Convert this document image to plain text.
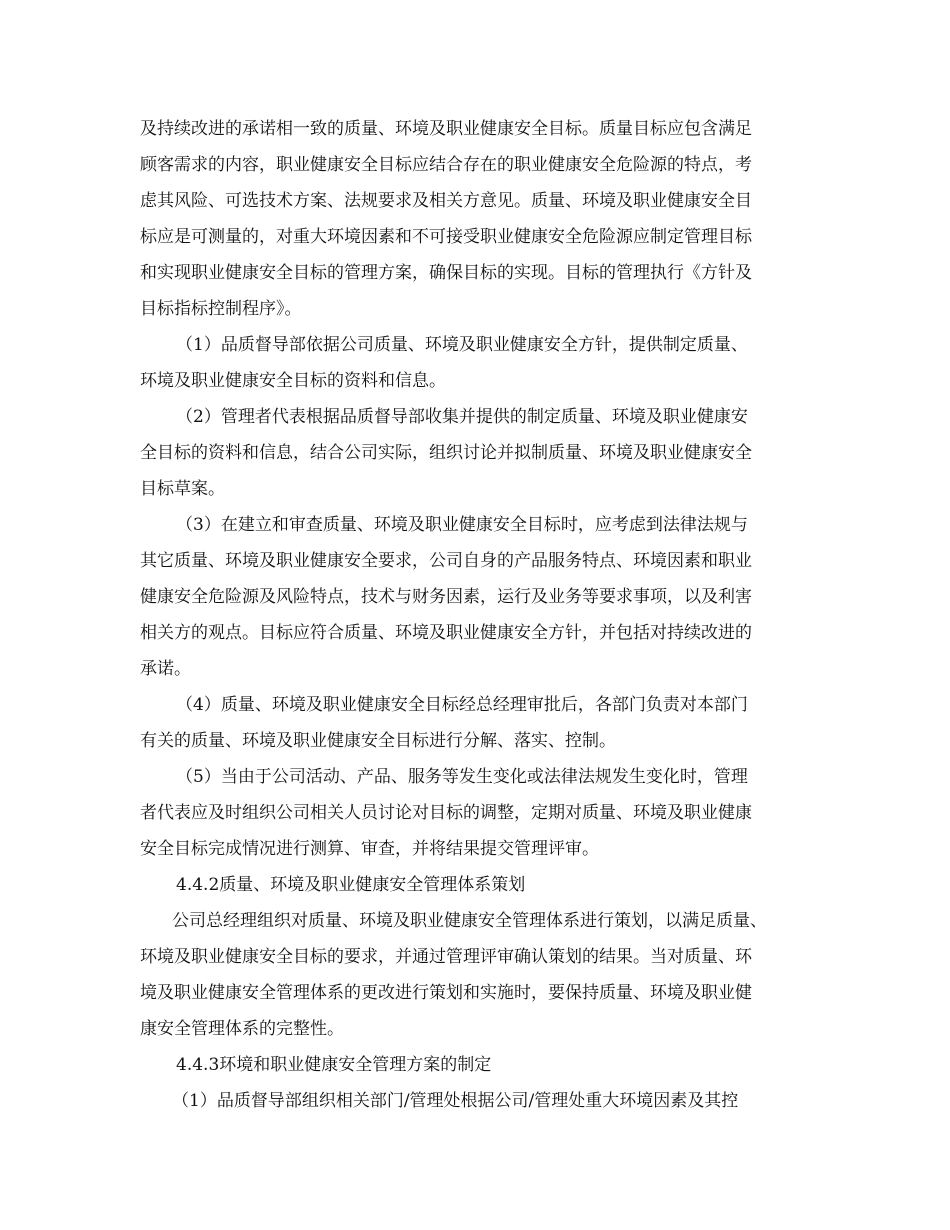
及持续改进的承诺相一致的质量、环境及职业健康安全目标。质量目标应包含满足
顾客需求的内容，职业健康安全目标应结合存在的职业健康安全危险源的特点，考
虑其风险、可选技术方案、法规要求及相关方意见。质量、环境及职业健康安全目
标应是可测量的，对重大环境因素和不可接受职业健康安全危险源应制定管理目标
和实现职业健康安全目标的管理方案，确保目标的实现。目标的管理执行《方针及
目标指标控制程序》。
（1）品质督导部依据公司质量、环境及职业健康安全方针，提供制定质量、
环境及职业健康安全目标的资料和信息。
（2）管理者代表根据品质督导部收集并提供的制定质量、环境及职业健康安
全目标的资料和信息，结合公司实际，组织讨论并拟制质量、环境及职业健康安全
目标草案。
（3）在建立和审查质量、环境及职业健康安全目标时，应考虑到法律法规与
其它质量、环境及职业健康安全要求，公司自身的产品服务特点、环境因素和职业
健康安全危险源及风险特点，技术与财务因素，运行及业务等要求事项，以及利害
相关方的观点。目标应符合质量、环境及职业健康安全方针，并包括对持续改进的
承诺。
（4）质量、环境及职业健康安全目标经总经理审批后，各部门负责对本部门
有关的质量、环境及职业健康安全目标进行分解、落实、控制。
（5）当由于公司活动、产品、服务等发生变化或法律法规发生变化时，管理
者代表应及时组织公司相关人员讨论对目标的调整，定期对质量、环境及职业健康
安全目标完成情况进行测算、审查，并将结果提交管理评审。
4.4.2质量、环境及职业健康安全管理体系策划
公司总经理组织对质量、环境及职业健康安全管理体系进行策划，以满足质量、
环境及职业健康安全目标的要求，并通过管理评审确认策划的结果。当对质量、环
境及职业健康安全管理体系的更改进行策划和实施时，要保持质量、环境及职业健
康安全管理体系的完整性。
4.4.3环境和职业健康安全管理方案的制定
（1）品质督导部组织相关部门/管理处根据公司/管理处重大环境因素及其控
